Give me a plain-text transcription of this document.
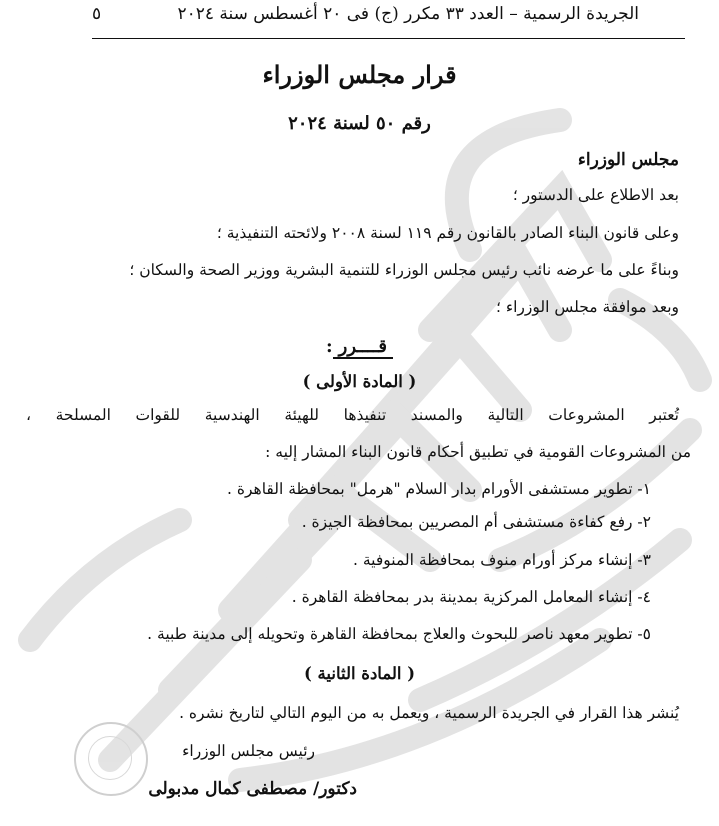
الجريدة الرسمية – العدد ٣٣ مكرر (ج) فى ٢٠ أغسطس سنة ٢٠٢٤
٥
قرار مجلس الوزراء
رقم ٥٠ لسنة ٢٠٢٤
مجلس الوزراء
بعد الاطلاع على الدستور ؛
وعلى قانون البناء الصادر بالقانون رقم ١١٩ لسنة ٢٠٠٨ ولائحته التنفيذية ؛
وبناءً على ما عرضه نائب رئيس مجلس الوزراء للتنمية البشرية ووزير الصحة والسكان ؛
وبعد موافقة مجلس الوزراء ؛
قــــرر:
( المادة الأولى )
تُعتبر المشروعات التالية والمسند تنفيذها للهيئة الهندسية للقوات المسلحة ،
من المشروعات القومية في تطبيق أحكام قانون البناء المشار إليه :
١- تطوير مستشفى الأورام بدار السلام "هرمل" بمحافظة القاهرة .
٢- رفع كفاءة مستشفى أم المصريين بمحافظة الجيزة .
٣- إنشاء مركز أورام منوف بمحافظة المنوفية .
٤- إنشاء المعامل المركزية بمدينة بدر بمحافظة القاهرة .
٥- تطوير معهد ناصر للبحوث والعلاج بمحافظة القاهرة وتحويله إلى مدينة طبية .
( المادة الثانية )
يُنشر هذا القرار في الجريدة الرسمية ، ويعمل به من اليوم التالي لتاريخ نشره .
رئيس مجلس الوزراء
دكتور/ مصطفى كمال مدبولى
